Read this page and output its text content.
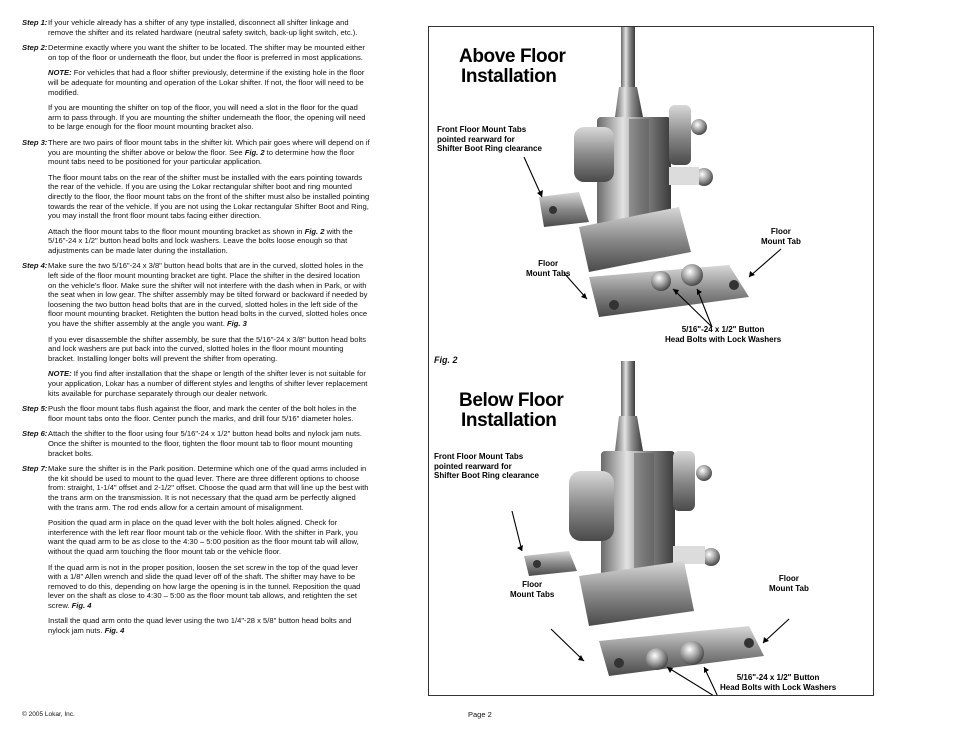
Step 1: If your vehicle already has a shifter of any type installed, disconnect all shifter linkage and remove the shifter and its related hardware (neutral safety switch, back-up light switch, etc.).
Step 2: Determine exactly where you want the shifter to be located. The shifter may be mounted either on top of the floor or underneath the floor, but under the floor is preferred in most applications.
NOTE: For vehicles that had a floor shifter previously, determine if the existing hole in the floor will be adequate for mounting and operation of the Lokar shifter. If not, the floor will need to be modified.
If you are mounting the shifter on top of the floor, you will need a slot in the floor for the quad arm to pass through. If you are mounting the shifter underneath the floor, the opening will need to be large enough for the floor mount mounting bracket also.
Step 3: There are two pairs of floor mount tabs in the shifter kit. Which pair goes where will depend on if you are mounting the shifter above or below the floor. See Fig. 2 to determine how the floor mount tabs need to be positioned for your particular application.
The floor mount tabs on the rear of the shifter must be installed with the ears pointing towards the rear of the vehicle. If you are using the Lokar rectangular shifter boot and ring mounted directly to the floor, the floor mount tabs on the front of the shifter must also be installed pointing towards the rear of the vehicle. If you are not using the Lokar rectangular Shifter Boot and Ring, you may install the front floor mount tabs facing either direction.
Attach the floor mount tabs to the floor mount mounting bracket as shown in Fig. 2 with the 5/16"-24 x 1/2" button head bolts and lock washers. Leave the bolts loose enough so that adjustments can be made later during the installation.
Step 4: Make sure the two 5/16"-24 x 3/8" button head bolts that are in the curved, slotted holes in the left side of the floor mount mounting bracket are tight. Place the shifter in the desired location on the vehicle's floor. Make sure the shifter will not interfere with the dash when in Park, or with the seat when in low gear. The shifter assembly may be tilted forward or backward if needed by loosening the two button head bolts that are in the curved, slotted holes in the left side of the floor mount mounting bracket. Retighten the button head bolts in the curved, slotted holes once you have the shifter assembly at the angle you want. Fig. 3
If you ever disassemble the shifter assembly, be sure that the 5/16"-24 x 3/8" button head bolts and lock washers are put back into the curved, slotted holes in the floor mount mounting bracket. Installing longer bolts will prevent the shifter from operating.
NOTE: If you find after installation that the shape or length of the shifter lever is not suitable for your application, Lokar has a number of different styles and lengths of shifter lever replacement kits available for purchase separately through our dealer network.
Step 5: Push the floor mount tabs flush against the floor, and mark the center of the bolt holes in the floor mount tabs onto the floor. Center punch the marks, and drill four 5/16" diameter holes.
Step 6: Attach the shifter to the floor using four 5/16"-24 x 1/2" button head bolts and nylock jam nuts. Once the shifter is mounted to the floor, tighten the floor mount tab to floor mount mounting bracket bolts.
Step 7: Make sure the shifter is in the Park position. Determine which one of the quad arms included in the kit should be used to mount to the quad lever. There are three different options to choose from: straight, 1-1/4" offset and 2-1/2" offset. Choose the quad arm that will line up the best with the trans arm on the transmission. It is not necessary that the quad arm be perfectly aligned with the trans arm. The rod ends allow for a certain amount of misalignment.
Position the quad arm in place on the quad lever with the bolt holes aligned. Check for interference with the left rear floor mount tab or the vehicle floor. With the shifter in Park, you want the quad arm to be as close to the 4:30 – 5:00 position as the floor mount tab will allow, without the quad arm touching the floor mount tab or the vehicle floor.
If the quad arm is not in the proper position, loosen the set screw in the top of the quad lever with a 1/8" Allen wrench and slide the quad lever off of the shaft. The shifter may have to be removed to do this, depending on how large the opening is in the tunnel. Reposition the quad lever on the shaft as close to 4:30 – 5:00 as the floor mount tab allows, and retighten the set screw. Fig. 4
Install the quad arm onto the quad lever using the two 1/4"-28 x 5/8" button head bolts and nylock jam nuts. Fig. 4
© 2005 Lokar, Inc.	Page 2
Above Floor
Installation
Front Floor Mount Tabs
pointed rearward for
Shifter Boot Ring clearance
Floor
Mount Tab
Floor
Mount Tabs
5/16"-24 x 1/2" Button
Head Bolts with Lock Washers
Fig. 2
Below Floor
Installation
Front Floor Mount Tabs
pointed rearward for
Shifter Boot Ring clearance
Floor
Mount Tab
Floor
Mount Tabs
5/16"-24 x 1/2" Button
Head Bolts with Lock Washers
